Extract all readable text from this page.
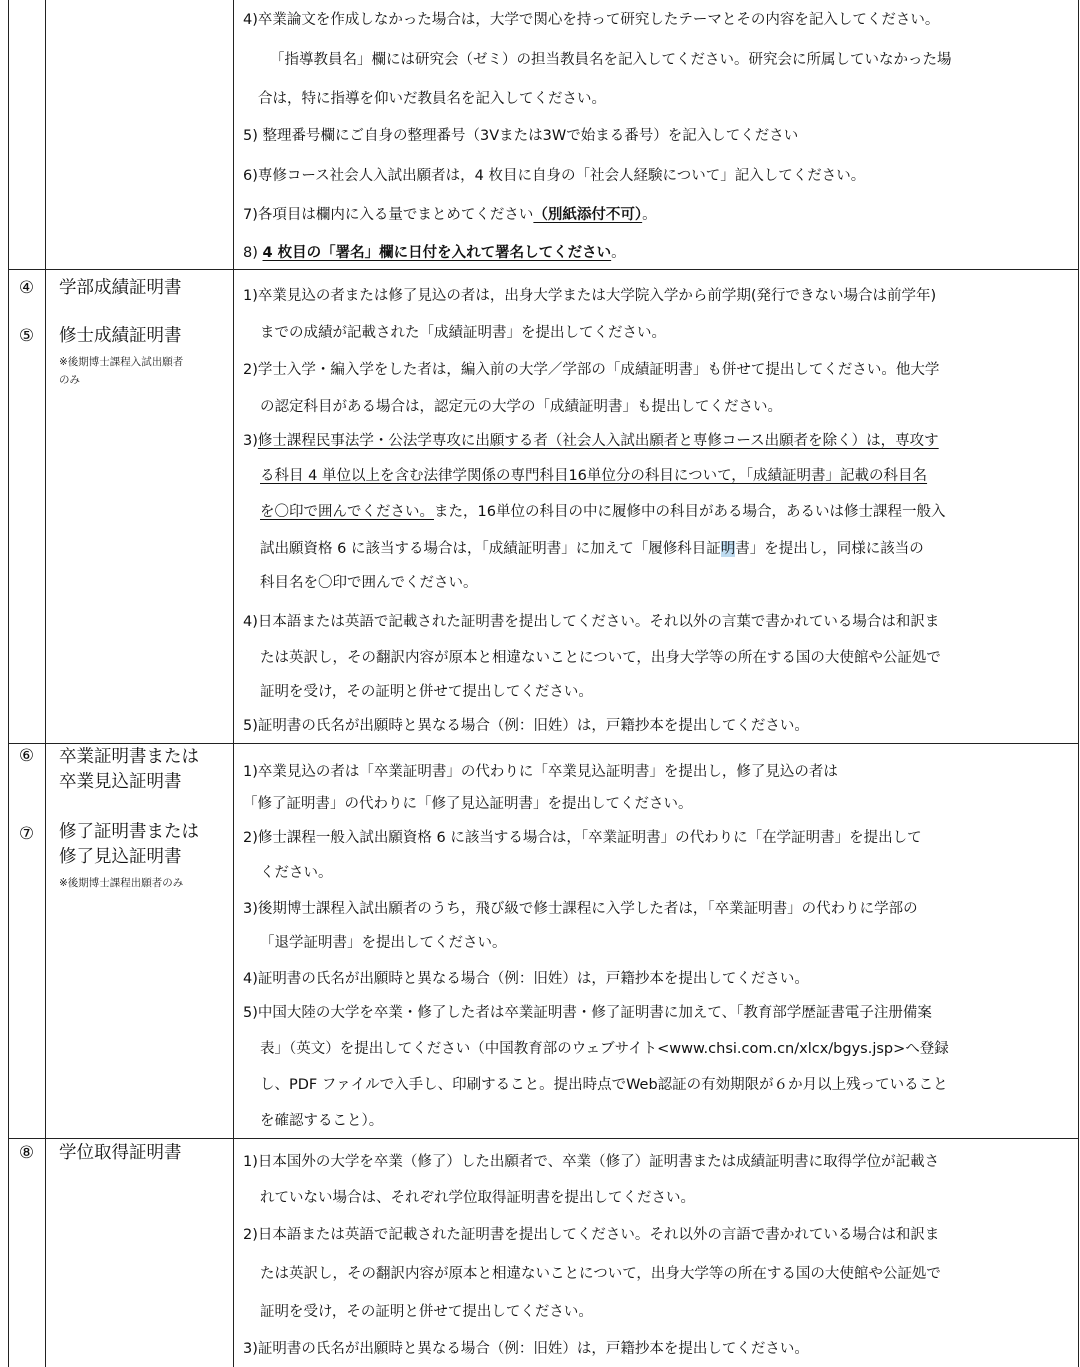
4)卒業論文を作成しなかった場合は，大学で関心を持って研究したテーマとその内容を記入してください。
「指導教員名」欄には研究会（ゼミ）の担当教員名を記入してください。研究会に所属していなかった場
合は，特に指導を仰いだ教員名を記入してください。
5) 整理番号欄にご自身の整理番号（3Vまたは3Wで始まる番号）を記入してください
6)専修コース社会人入試出願者は，4 枚目に自身の「社会人経験について」記入してください。
7)各項目は欄内に入る量でまとめてください（別紙添付不可）。
8) 4 枚目の「署名」欄に日付を入れて署名してください。
④
⑤
学部成績証明書
修士成績証明書
※後期博士課程入試出願者
のみ
1)卒業見込の者または修了見込の者は，出身大学または大学院入学から前学期(発行できない場合は前学年)
までの成績が記載された「成績証明書」を提出してください。
2)学士入学・編入学をした者は，編入前の大学／学部の「成績証明書」も併せて提出してください。他大学
の認定科目がある場合は，認定元の大学の「成績証明書」も提出してください。
3)修士課程民事法学・公法学専攻に出願する者（社会人入試出願者と専修コース出願者を除く）は，専攻す
る科目 4 単位以上を含む法律学関係の専門科目16単位分の科目について，「成績証明書」記載の科目名
を〇印で囲んでください。また，16単位の科目の中に履修中の科目がある場合，あるいは修士課程一般入
試出願資格 6 に該当する場合は，「成績証明書」に加えて「履修科目証明書」を提出し，同様に該当の
科目名を〇印で囲んでください。
4)日本語または英語で記載された証明書を提出してください。それ以外の言葉で書かれている場合は和訳ま
たは英訳し，その翻訳内容が原本と相違ないことについて，出身大学等の所在する国の大使館や公証処で
証明を受け，その証明と併せて提出してください。
5)証明書の氏名が出願時と異なる場合（例：旧姓）は，戸籍抄本を提出してください。
⑥
⑦
卒業証明書または
卒業見込証明書
修了証明書または
修了見込証明書
※後期博士課程出願者のみ
1)卒業見込の者は「卒業証明書」の代わりに「卒業見込証明書」を提出し，修了見込の者は
「修了証明書」の代わりに「修了見込証明書」を提出してください。
2)修士課程一般入試出願資格 6 に該当する場合は，「卒業証明書」の代わりに「在学証明書」を提出して
ください。
3)後期博士課程入試出願者のうち，飛び級で修士課程に入学した者は，「卒業証明書」の代わりに学部の
「退学証明書」を提出してください。
4)証明書の氏名が出願時と異なる場合（例：旧姓）は，戸籍抄本を提出してください。
5)中国大陸の大学を卒業・修了した者は卒業証明書・修了証明書に加えて、「教育部学歴証書電子注册備案
表」（英文）を提出してください（中国教育部のウェブサイト<www.chsi.com.cn/xlcx/bgys.jsp>へ登録
し、PDF ファイルで入手し、印刷すること。提出時点でWeb認証の有効期限が６か月以上残っていること
を確認すること）。
⑧	学位取得証明書	1)日本国外の大学を卒業（修了）した出願者で、卒業（修了）証明書または成績証明書に取得学位が記載さ
れていない場合は、それぞれ学位取得証明書を提出してください。
2)日本語または英語で記載された証明書を提出してください。それ以外の言語で書かれている場合は和訳ま
たは英訳し，その翻訳内容が原本と相違ないことについて，出身大学等の所在する国の大使館や公証処で
証明を受け，その証明と併せて提出してください。
3)証明書の氏名が出願時と異なる場合（例：旧姓）は，戸籍抄本を提出してください。
